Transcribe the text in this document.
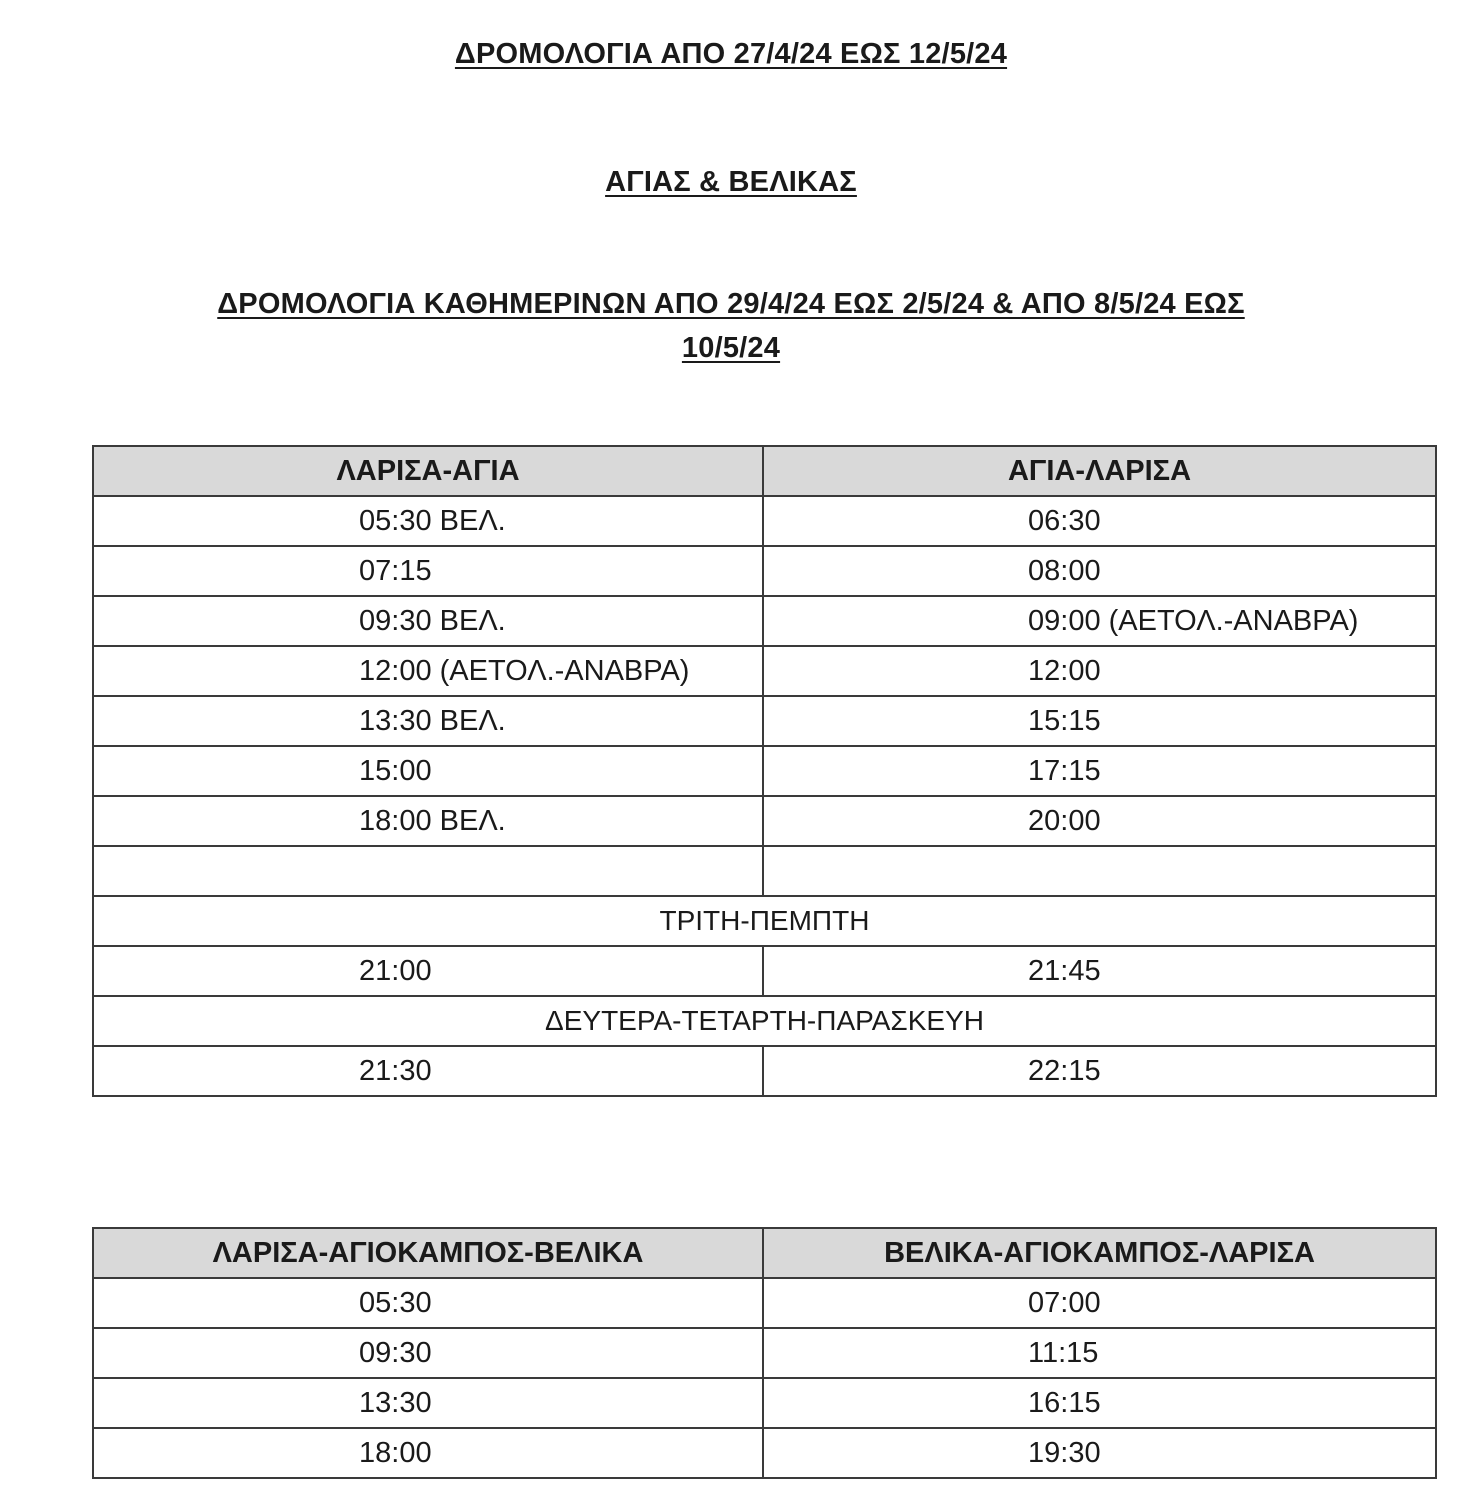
ΔΡΟΜΟΛΟΓΙΑ ΑΠΟ 27/4/24 ΕΩΣ 12/5/24
ΑΓΙΑΣ & ΒΕΛΙΚΑΣ
ΔΡΟΜΟΛΟΓΙΑ ΚΑΘΗΜΕΡΙΝΩΝ ΑΠΟ 29/4/24 ΕΩΣ 2/5/24 & ΑΠΟ 8/5/24 ΕΩΣ
10/5/24
ΛΑΡΙΣΑ-ΑΓΙΑ	ΑΓΙΑ-ΛΑΡΙΣΑ
05:30 ΒΕΛ.	06:30
07:15	08:00
09:30 ΒΕΛ.	09:00 (ΑΕΤΟΛ.-ΑΝΑΒΡΑ)
12:00 (ΑΕΤΟΛ.-ΑΝΑΒΡΑ)	12:00
13:30 ΒΕΛ.	15:15
15:00	17:15
18:00 ΒΕΛ.	20:00

ΤΡΙΤΗ-ΠΕΜΠΤΗ	
21:00	21:45
ΔΕΥΤΕΡΑ-ΤΕΤΑΡΤΗ-ΠΑΡΑΣΚΕΥΗ	
21:30	22:15
ΛΑΡΙΣΑ-ΑΓΙΟΚΑΜΠΟΣ-ΒΕΛΙΚΑ	ΒΕΛΙΚΑ-ΑΓΙΟΚΑΜΠΟΣ-ΛΑΡΙΣΑ
05:30	07:00
09:30	11:15
13:30	16:15
18:00	19:30
